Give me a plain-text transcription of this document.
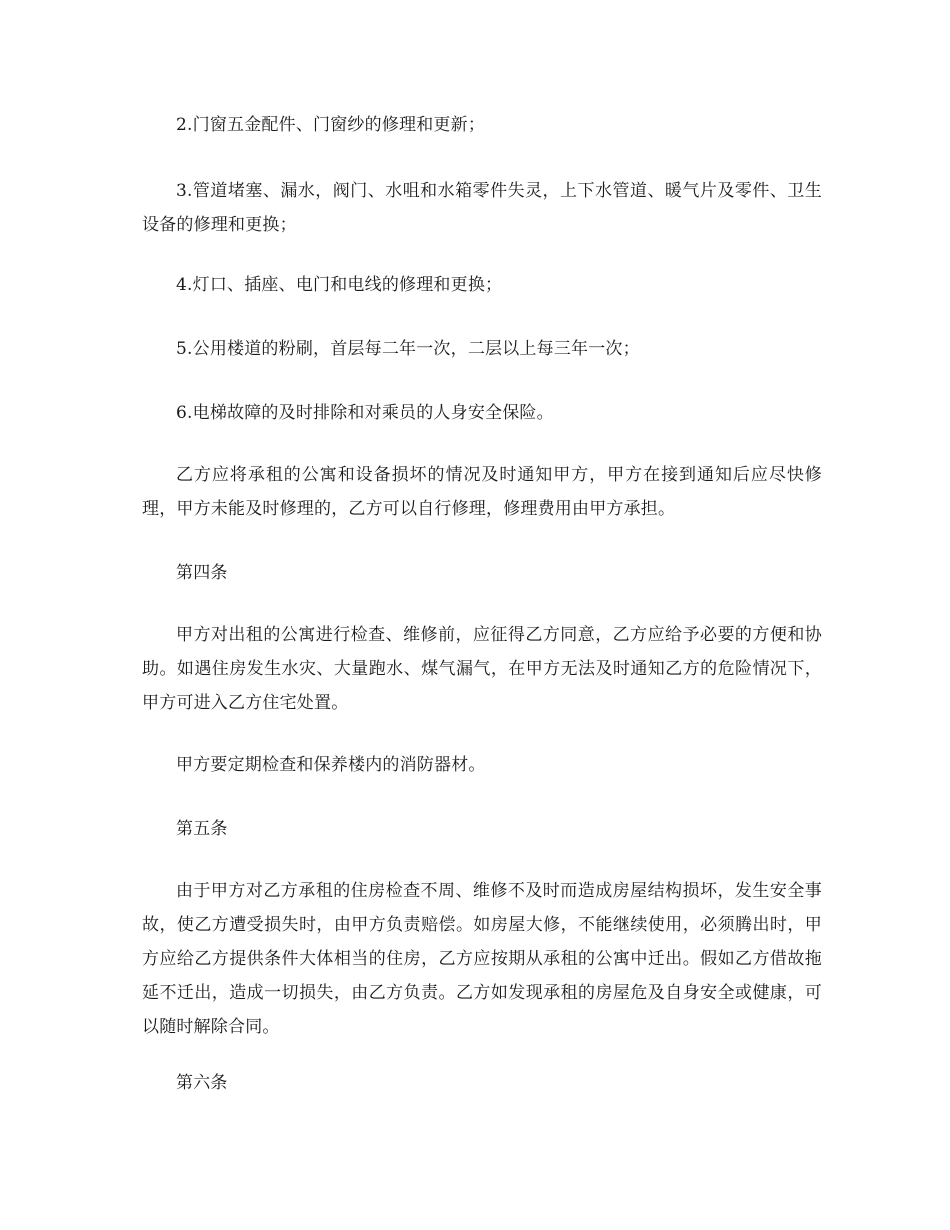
2.门窗五金配件、门窗纱的修理和更新；

3.管道堵塞、漏水，阀门、水咀和水箱零件失灵，上下水管道、暖气片及零件、卫生设备的修理和更换；

4.灯口、插座、电门和电线的修理和更换；

5.公用楼道的粉刷，首层每二年一次，二层以上每三年一次；

6.电梯故障的及时排除和对乘员的人身安全保险。

乙方应将承租的公寓和设备损坏的情况及时通知甲方，甲方在接到通知后应尽快修理，甲方未能及时修理的，乙方可以自行修理，修理费用由甲方承担。

第四条

甲方对出租的公寓进行检查、维修前，应征得乙方同意，乙方应给予必要的方便和协助。如遇住房发生水灾、大量跑水、煤气漏气，在甲方无法及时通知乙方的危险情况下，甲方可进入乙方住宅处置。

甲方要定期检查和保养楼内的消防器材。

第五条

由于甲方对乙方承租的住房检查不周、维修不及时而造成房屋结构损坏，发生安全事故，使乙方遭受损失时，由甲方负责赔偿。如房屋大修，不能继续使用，必须腾出时，甲方应给乙方提供条件大体相当的住房，乙方应按期从承租的公寓中迁出。假如乙方借故拖延不迁出，造成一切损失，由乙方负责。乙方如发现承租的房屋危及自身安全或健康，可以随时解除合同。

第六条
